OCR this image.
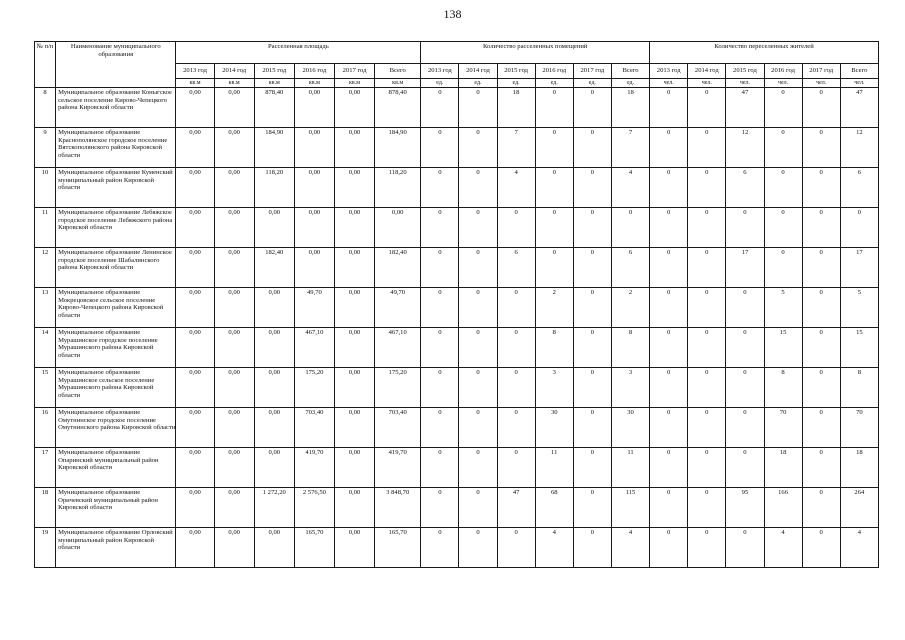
138
№ п/п	Наименование муниципального образования	Расселенная площадь						Количество расселенных помещений						Количество переселенных жителей					
		2013 год	2014 год	2015 год	2016 год	2017 год	Всего	2013 год	2014 год	2015 год	2016 год	2017 год	Всего	2013 год	2014 год	2015 год	2016 год	2017 год	Всего
		кв.м	кв.м	кв.м	кв.м	кв.м	кв.м	ед.	ед.	ед.	ед.	ед.	ед.	чел.	чел.	чел.	чел.	чел.	чел.
8	Муниципальное образование Коныгское сельское поселение Кирово-Чепецкого района Кировской области	0,00	0,00	878,40	0,00	0,00	878,40	0	0	18	0	0	18	0	0	47	0	0	47
9	Муниципальное образование Краснополянское городское поселение Вятскополянского района Кировской области	0,00	0,00	184,90	0,00	0,00	184,90	0	0	7	0	0	7	0	0	12	0	0	12
10	Муниципальное образование Куменский муниципальный район Кировской области	0,00	0,00	118,20	0,00	0,00	118,20	0	0	4	0	0	4	0	0	6	0	0	6
11	Муниципальное образование Лебяжское городское поселение Лебяжского района Кировской области	0,00	0,00	0,00	0,00	0,00	0,00	0	0	0	0	0	0	0	0	0	0	0	0
12	Муниципальное образование Ленинское городское поселение Шабалинского района Кировской области	0,00	0,00	182,40	0,00	0,00	182,40	0	0	6	0	0	6	0	0	17	0	0	17
13	Муниципальное образование Мокрецовское сельское поселение Кирово-Чепецкого района Кировской области	0,00	0,00	0,00	49,70	0,00	49,70	0	0	0	2	0	2	0	0	0	5	0	5
14	Муниципальное образование Мурашинское городское поселение Мурашинского района Кировской области	0,00	0,00	0,00	467,10	0,00	467,10	0	0	0	8	0	8	0	0	0	15	0	15
15	Муниципальное образование Мурашинское сельское поселение Мурашинского района Кировской области	0,00	0,00	0,00	175,20	0,00	175,20	0	0	0	3	0	3	0	0	0	8	0	8
16	Муниципальное образование Омутнинское городское поселение Омутнинского района Кировской области	0,00	0,00	0,00	703,40	0,00	703,40	0	0	0	30	0	30	0	0	0	70	0	70
17	Муниципальное образование Опаринский муниципальный район Кировской области	0,00	0,00	0,00	419,70	0,00	419,70	0	0	0	11	0	11	0	0	0	18	0	18
18	Муниципальное образование Оричевский муниципальный район Кировской области	0,00	0,00	1 272,20	2 576,50	0,00	3 848,70	0	0	47	68	0	115	0	0	95	166	0	264
19	Муниципальное образование Орловский муниципальный район Кировской области	0,00	0,00	0,00	165,70	0,00	165,70	0	0	0	4	0	4	0	0	0	4	0	4
